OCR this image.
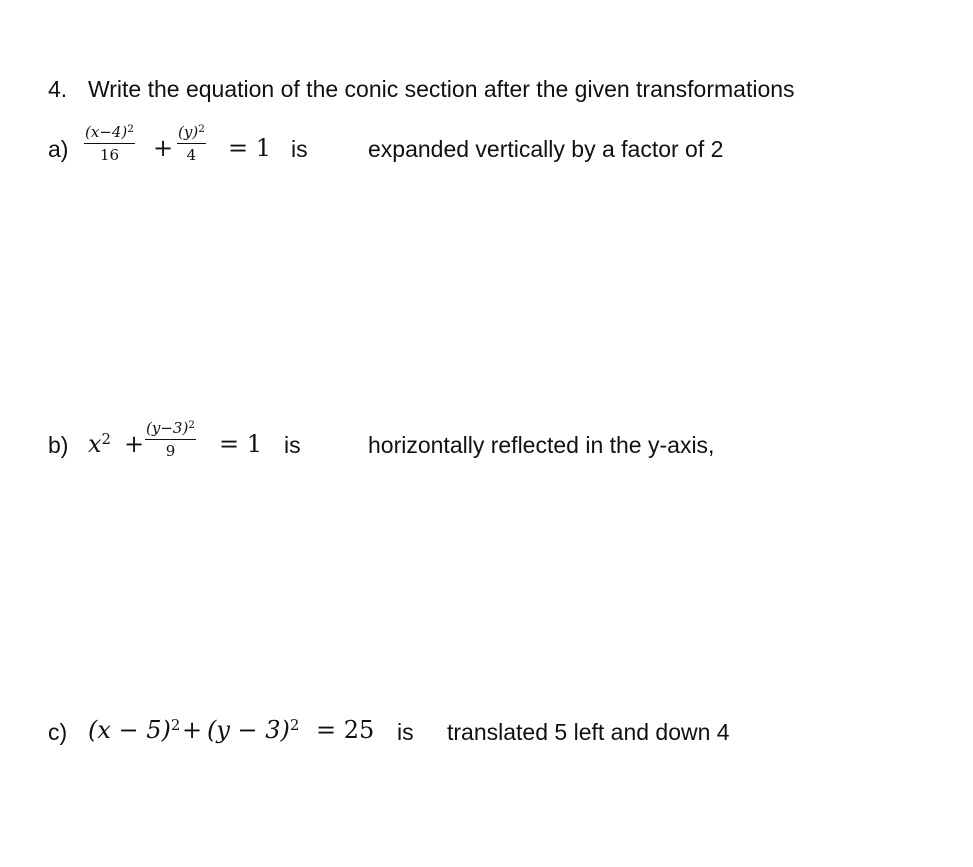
4. Write the equation of the conic section after the given transformations
$a) \frac{(x-4)^2}{16} + \frac{(y)^2}{4} = 1$ is	expanded vertically by a factor of 2
b) $x^2 + \frac{(y-3)^2}{9} = 1$ is	horizontally reflected in the y-axis,
c) $(x - 5)^2 + (y - 3)^2 = 25$ is translated 5 left and down 4
